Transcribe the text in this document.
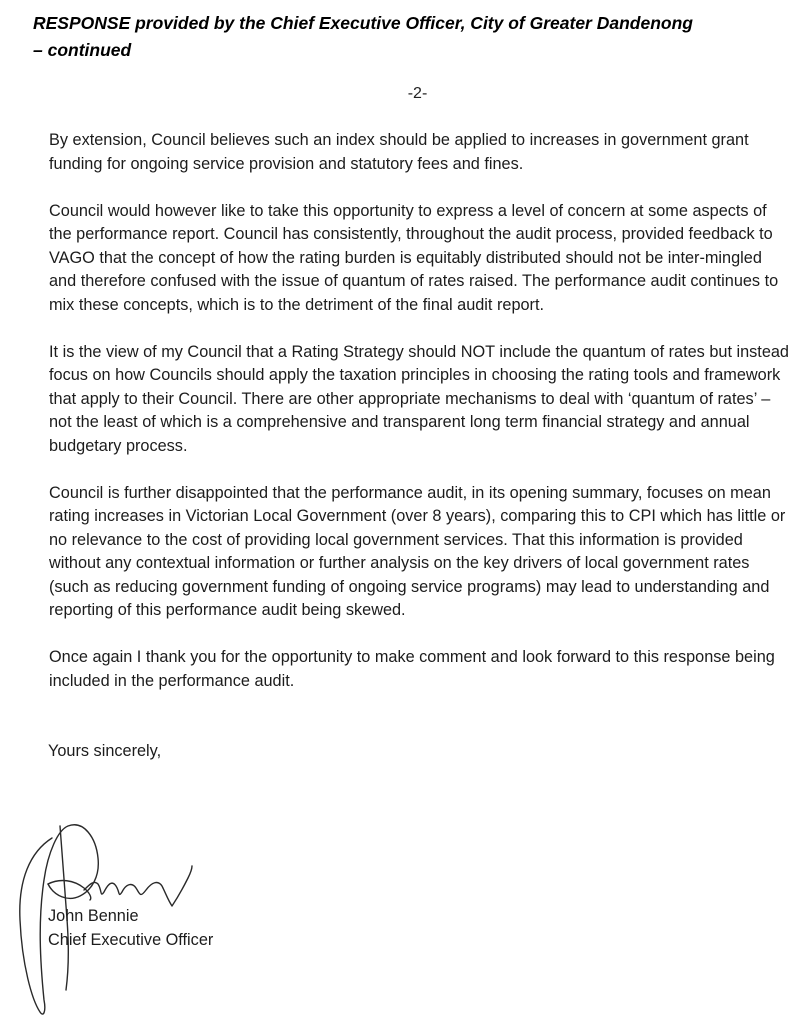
RESPONSE provided by the Chief Executive Officer, City of Greater Dandenong
– continued
-2-

By extension, Council believes such an index should be applied to increases in government grant funding for ongoing service provision and statutory fees and fines.

Council would however like to take this opportunity to express a level of concern at some aspects of the performance report. Council has consistently, throughout the audit process, provided feedback to VAGO that the concept of how the rating burden is equitably distributed should not be inter-mingled and therefore confused with the issue of quantum of rates raised. The performance audit continues to mix these concepts, which is to the detriment of the final audit report.

It is the view of my Council that a Rating Strategy should NOT include the quantum of rates but instead focus on how Councils should apply the taxation principles in choosing the rating tools and framework that apply to their Council. There are other appropriate mechanisms to deal with ‘quantum of rates’ – not the least of which is a comprehensive and transparent long term financial strategy and annual budgetary process.

Council is further disappointed that the performance audit, in its opening summary, focuses on mean rating increases in Victorian Local Government (over 8 years), comparing this to CPI which has little or no relevance to the cost of providing local government services. That this information is provided without any contextual information or further analysis on the key drivers of local government rates (such as reducing government funding of ongoing service programs) may lead to understanding and reporting of this performance audit being skewed.

Once again I thank you for the opportunity to make comment and look forward to this response being included in the performance audit.

Yours sincerely,
John Bennie
Chief Executive Officer
